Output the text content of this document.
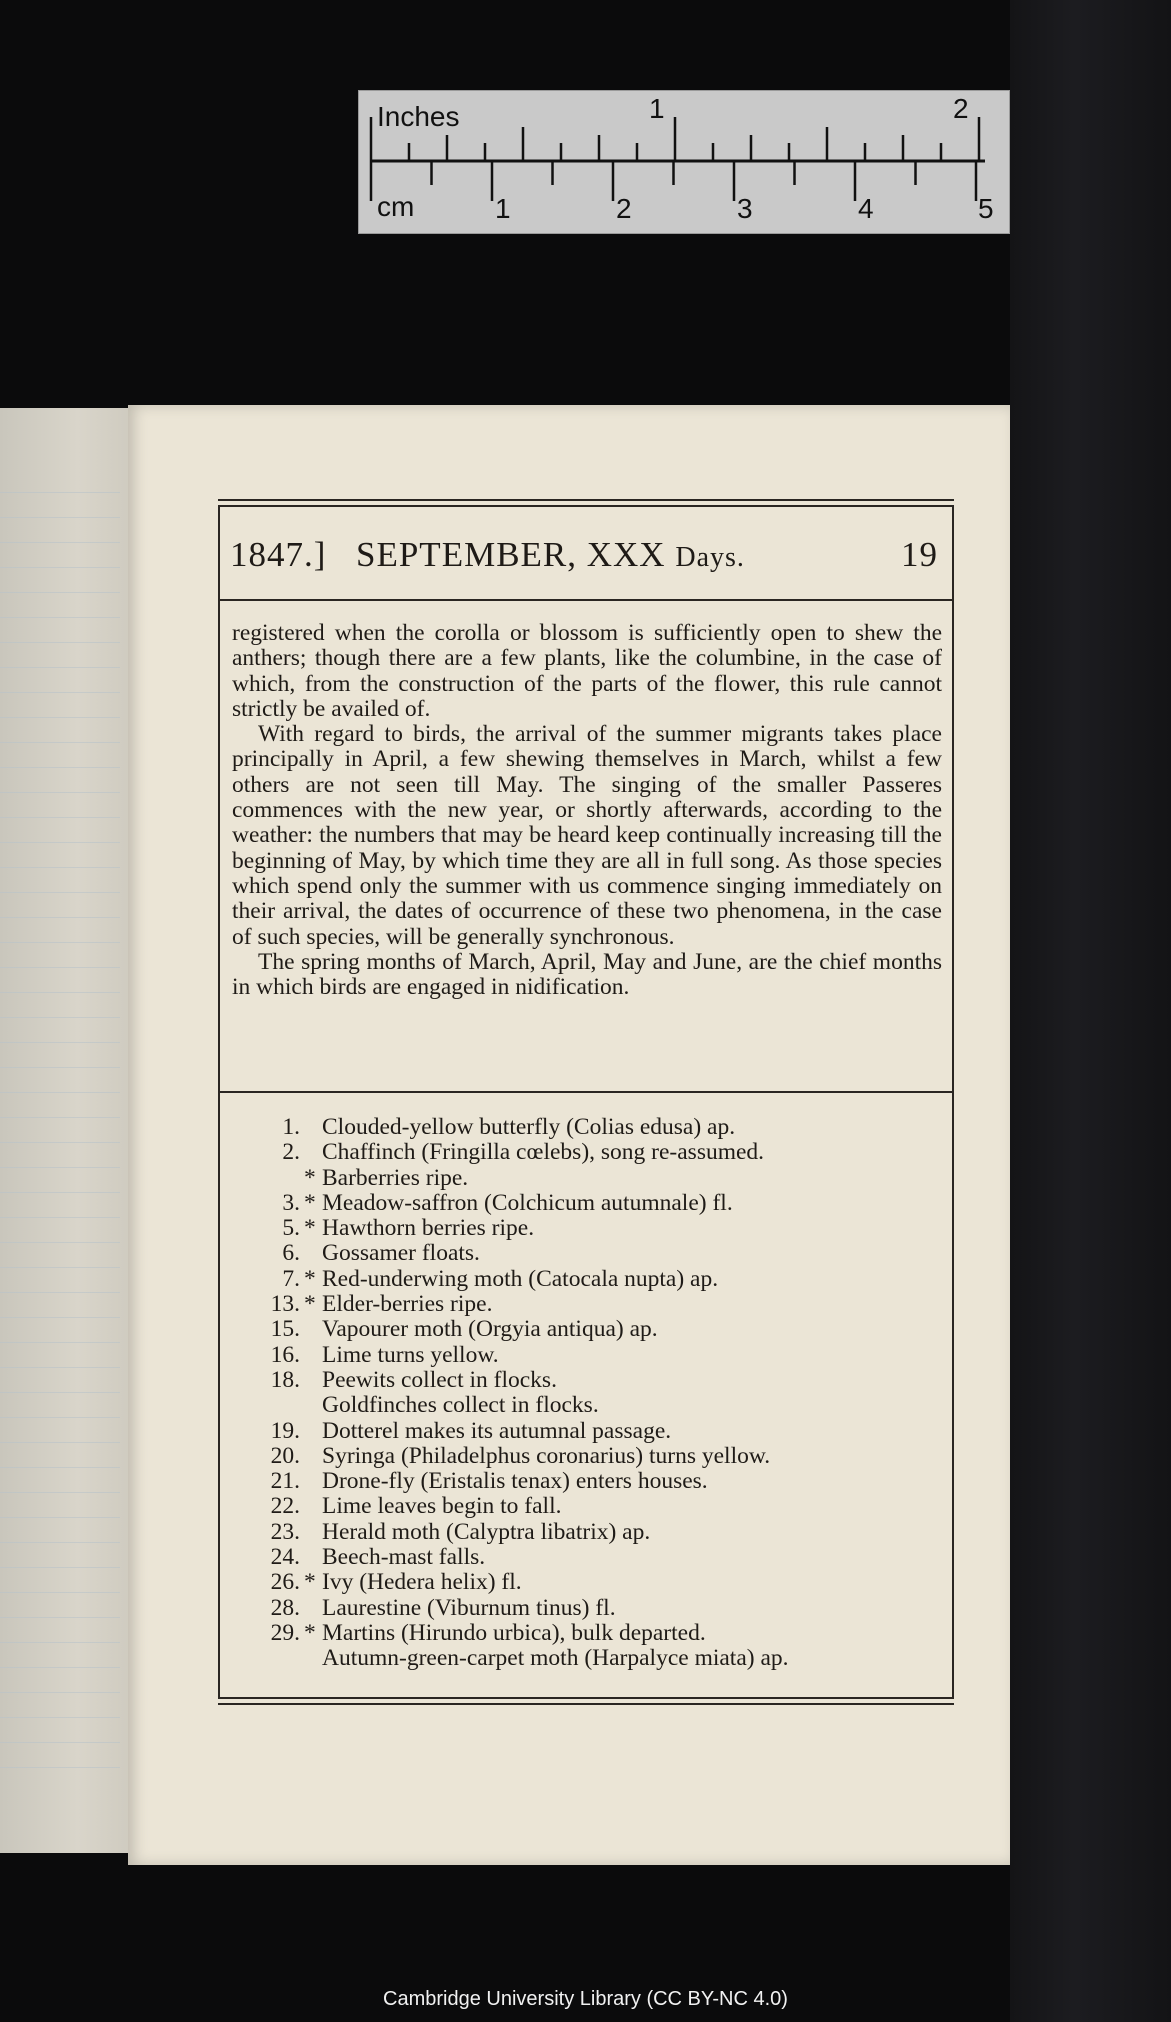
Inches
cm
1	2
1	2	3	4	5
1847.] SEPTEMBER, XXX Days.	19

registered when the corolla or blossom is sufficiently open to shew the anthers; though there are a few plants, like the columbine, in the case of which, from the construction of the parts of the flower, this rule cannot strictly be availed of.

With regard to birds, the arrival of the summer migrants takes place principally in April, a few shewing themselves in March, whilst a few others are not seen till May. The singing of the smaller Passeres commences with the new year, or shortly afterwards, according to the weather: the numbers that may be heard keep continually increasing till the beginning of May, by which time they are all in full song. As those species which spend only the summer with us commence singing immediately on their arrival, the dates of occurrence of these two phenomena, in the case of such species, will be generally synchronous.

The spring months of March, April, May and June, are the chief months in which birds are engaged in nidification.

1. Clouded-yellow butterfly (Colias edusa) ap.
2. Chaffinch (Fringilla cœlebs), song re-assumed.
* Barberries ripe.
3. * Meadow-saffron (Colchicum autumnale) fl.
5. * Hawthorn berries ripe.
6. Gossamer floats.
7. * Red-underwing moth (Catocala nupta) ap.
13. * Elder-berries ripe.
15. Vapourer moth (Orgyia antiqua) ap.
16. Lime turns yellow.
18. Peewits collect in flocks.
Goldfinches collect in flocks.
19. Dotterel makes its autumnal passage.
20. Syringa (Philadelphus coronarius) turns yellow.
21. Drone-fly (Eristalis tenax) enters houses.
22. Lime leaves begin to fall.
23. Herald moth (Calyptra libatrix) ap.
24. Beech-mast falls.
26. * Ivy (Hedera helix) fl.
28. Laurestine (Viburnum tinus) fl.
29. * Martins (Hirundo urbica), bulk departed.
Autumn-green-carpet moth (Harpalyce miata) ap.
Cambridge University Library (CC BY-NC 4.0)
